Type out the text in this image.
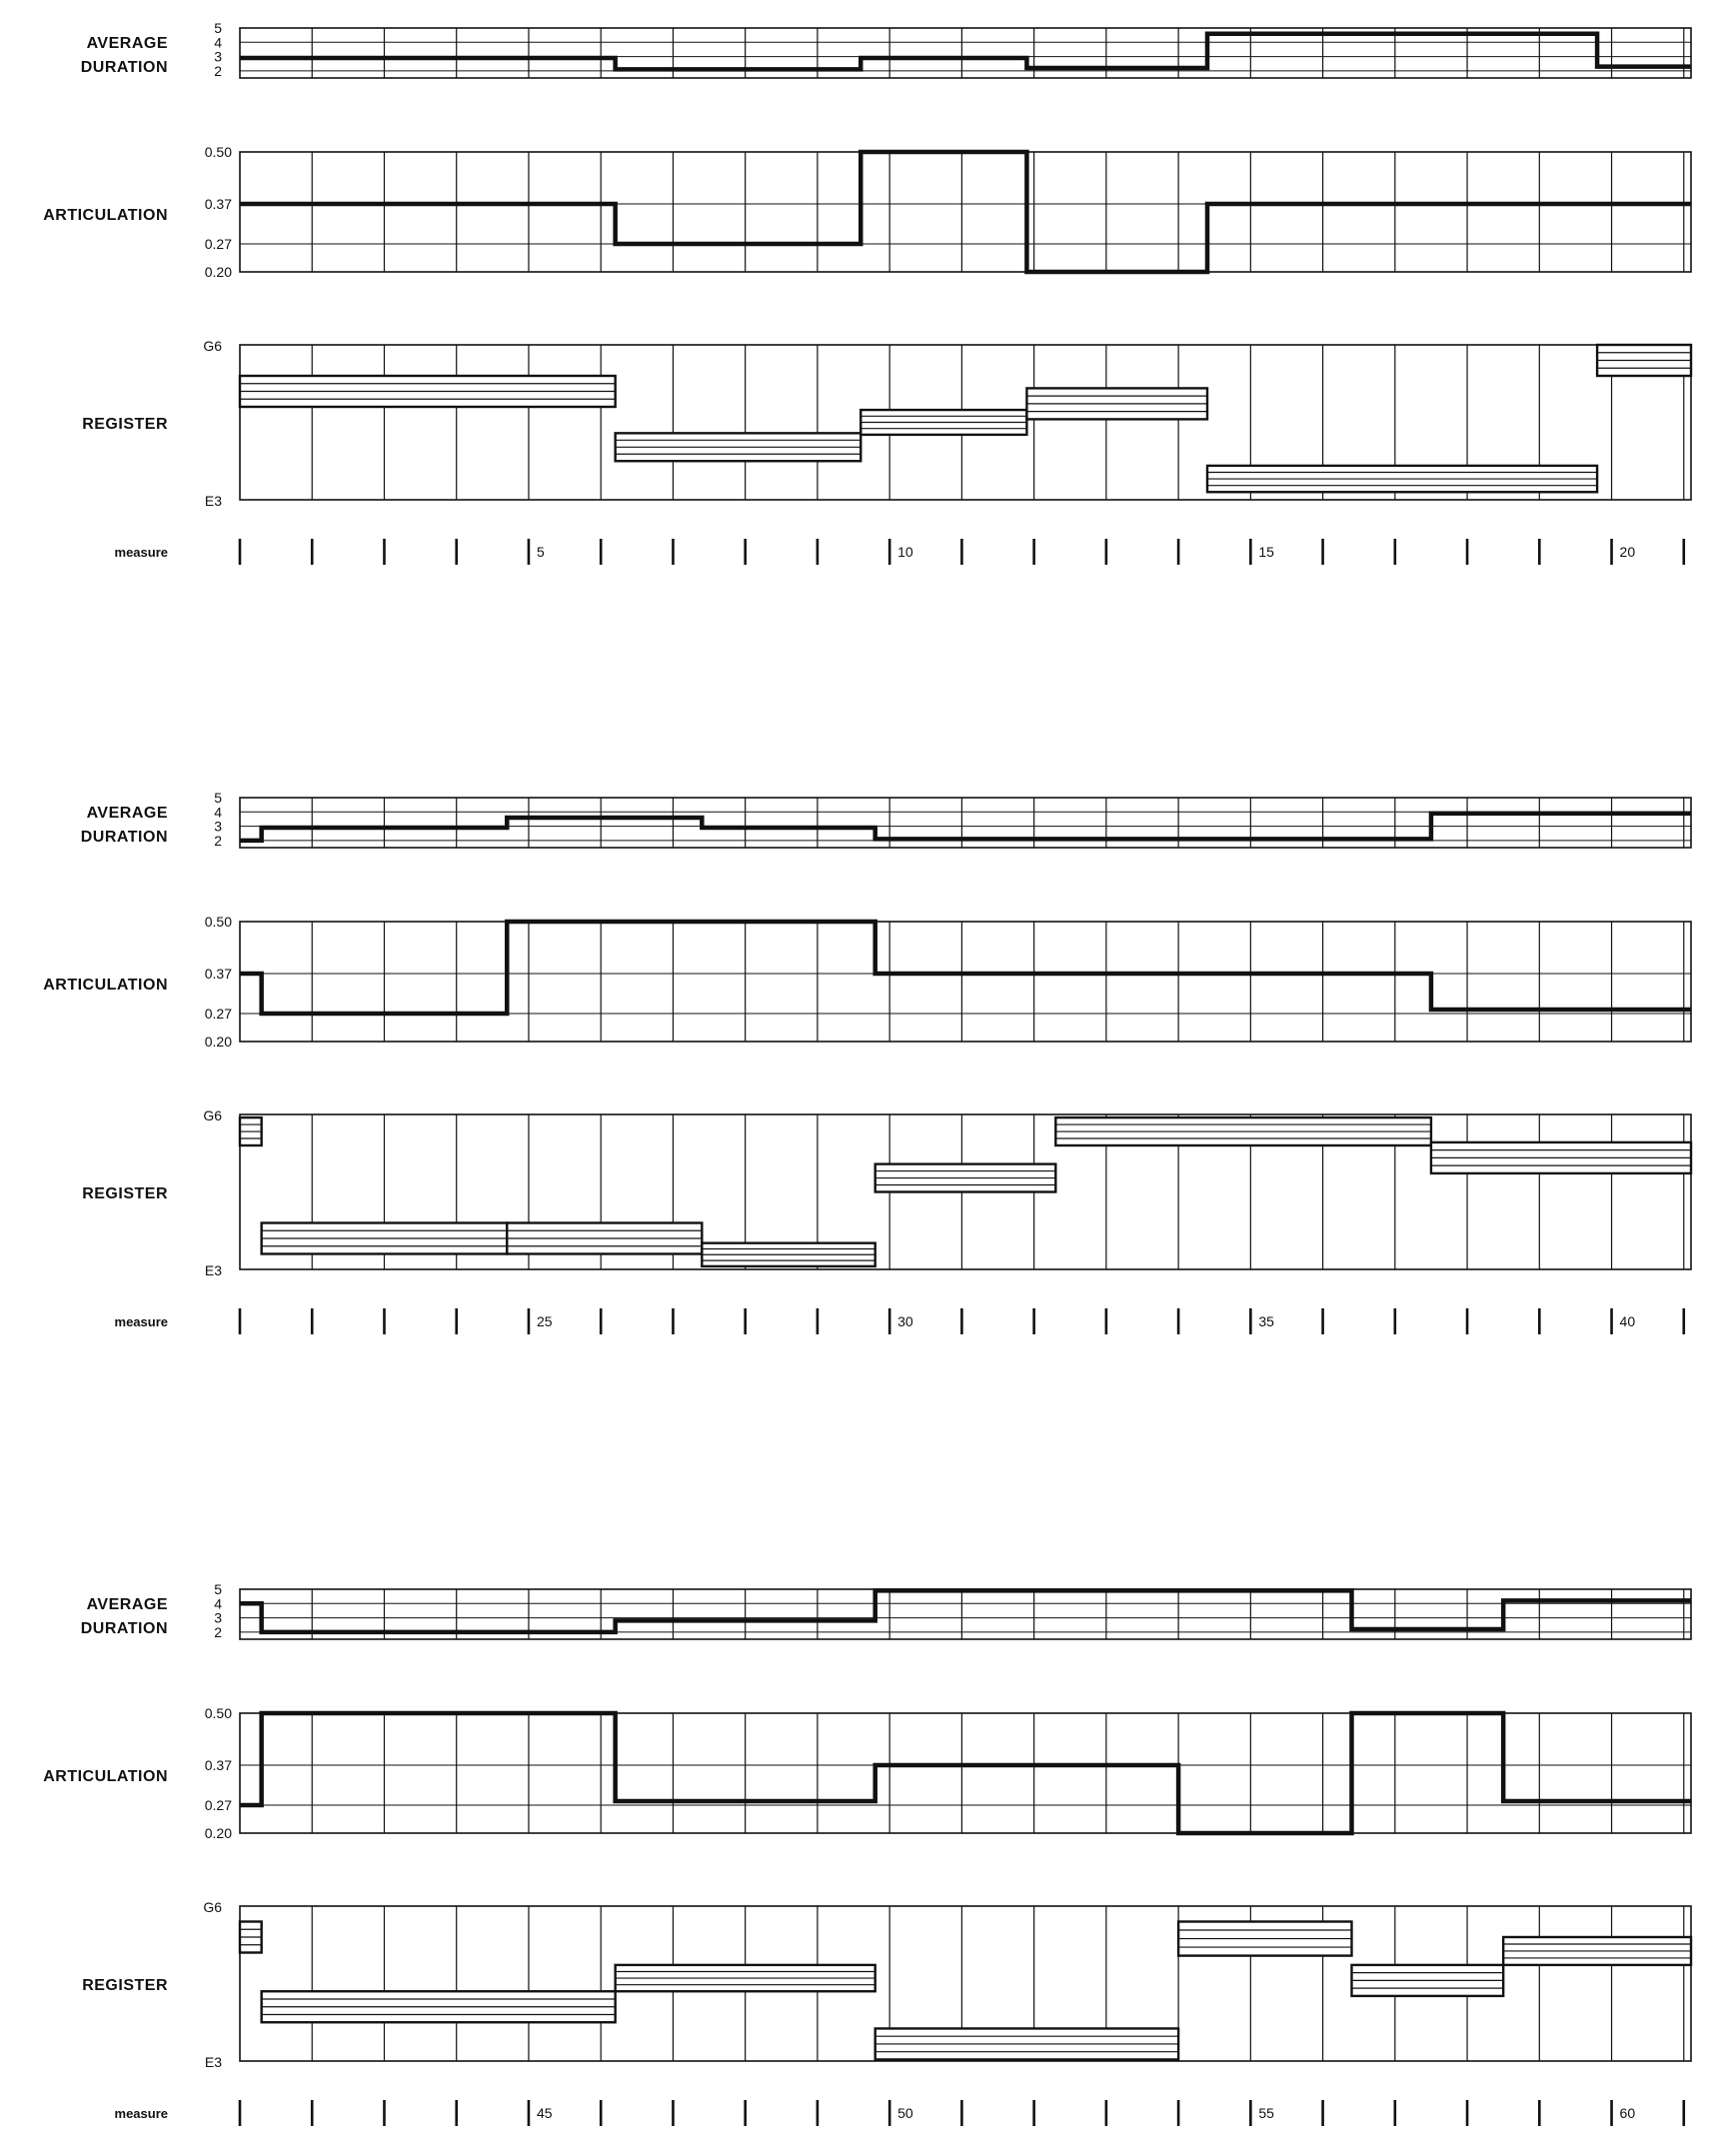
AVERAGE
DURATION
5
4
3
2
ARTICULATION
0.50
0.37
0.27
0.20
REGISTER
G6
E3
measure	5	10	15	20
AVERAGE
DURATION
5
4
3
2
ARTICULATION
0.50
0.37
0.27
0.20
REGISTER
G6
E3
measure	25	30	35	40
AVERAGE
DURATION
5
4
3
2
ARTICULATION
0.50
0.37
0.27
0.20
REGISTER
G6
E3
measure	45	50	55	60
